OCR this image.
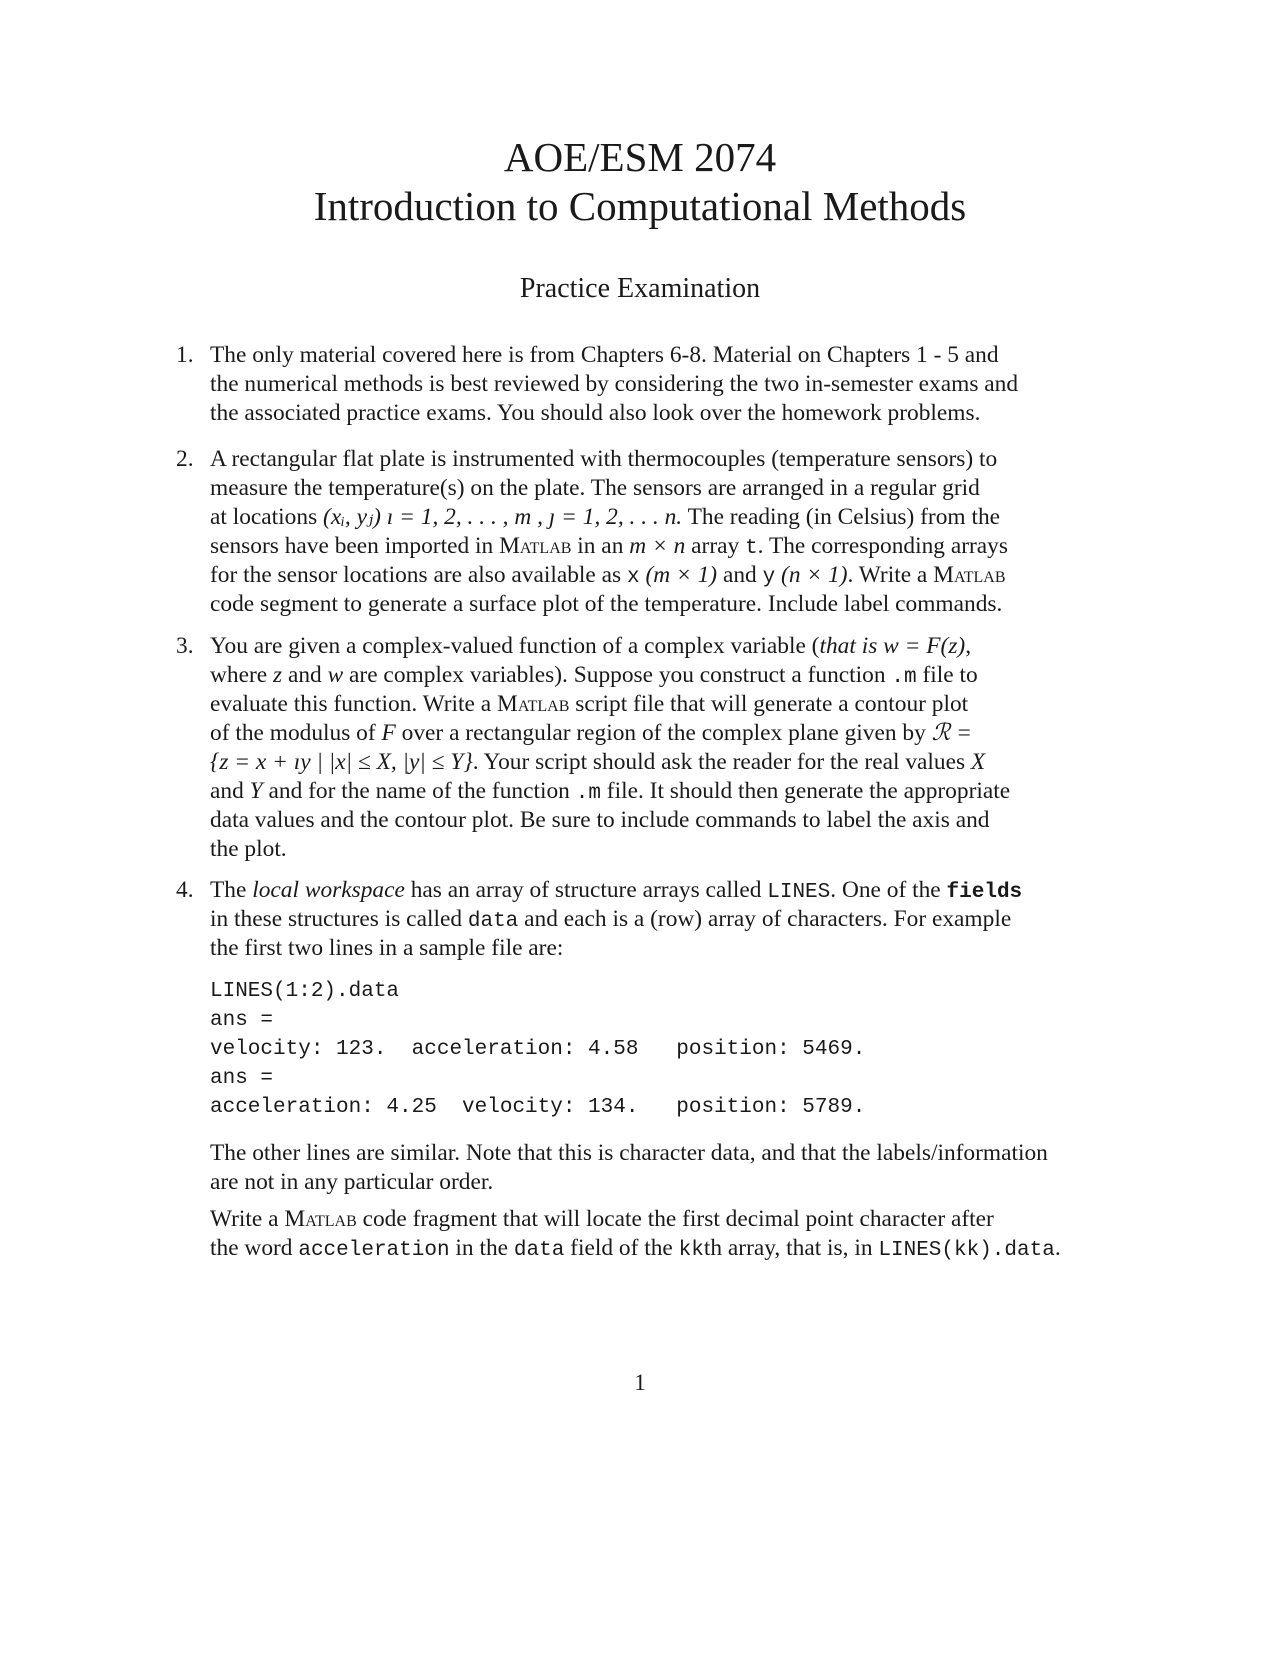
AOE/ESM 2074
Introduction to Computational Methods
Practice Examination
1. The only material covered here is from Chapters 6-8. Material on Chapters 1 - 5 and
the numerical methods is best reviewed by considering the two in-semester exams and
the associated practice exams. You should also look over the homework problems.
2. A rectangular flat plate is instrumented with thermocouples (temperature sensors) to
measure the temperature(s) on the plate. The sensors are arranged in a regular grid
at locations (xᵢ, yⱼ) ı = 1, 2, . . . , m , ȷ = 1, 2, . . . n. The reading (in Celsius) from the
sensors have been imported in Matlab in an m × n array t. The corresponding arrays
for the sensor locations are also available as x (m × 1) and y (n × 1). Write a Matlab
code segment to generate a surface plot of the temperature. Include label commands.
3. You are given a complex-valued function of a complex variable (that is w = F(z),
where z and w are complex variables). Suppose you construct a function .m file to
evaluate this function. Write a Matlab script file that will generate a contour plot
of the modulus of F over a rectangular region of the complex plane given by ℛ =
{z = x + ıy | |x| ≤ X, |y| ≤ Y}. Your script should ask the reader for the real values X
and Y and for the name of the function .m file. It should then generate the appropriate
data values and the contour plot. Be sure to include commands to label the axis and
the plot.
4. The local workspace has an array of structure arrays called LINES. One of the fields
in these structures is called data and each is a (row) array of characters. For example
the first two lines in a sample file are:
LINES(1:2).data
ans =
velocity: 123.  acceleration: 4.58   position: 5469.
ans =
acceleration: 4.25  velocity: 134.   position: 5789.
The other lines are similar. Note that this is character data, and that the labels/information
are not in any particular order.
Write a Matlab code fragment that will locate the first decimal point character after
the word acceleration in the data field of the kkth array, that is, in LINES(kk).data.
1
